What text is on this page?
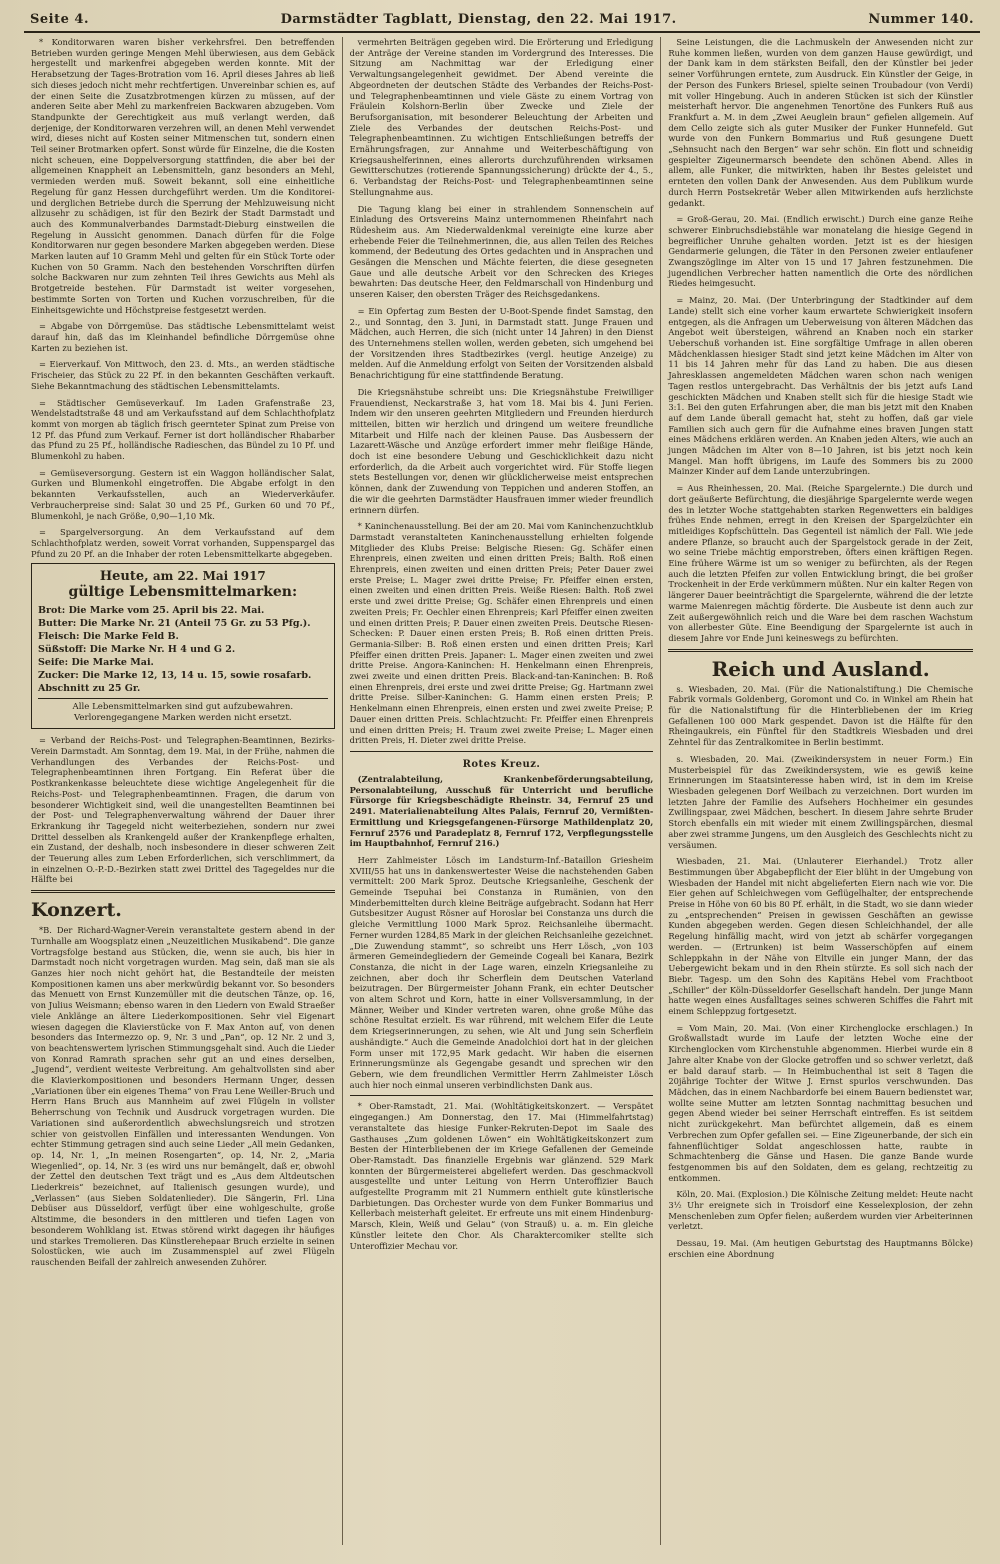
Seite 4.	Darmstädter Tagblatt, Dienstag, den 22. Mai 1917.	Nummer 140.

* Konditorwaren waren bisher verkehrsfrei. Den betreffenden Betrieben wurden geringe Mengen Mehl überwiesen, aus dem Gebäck hergestellt und markenfrei abgegeben werden konnte. Mit der Herabsetzung der Tages-Brotration vom 16. April dieses Jahres ab ließ sich dieses jedoch nicht mehr rechtfertigen. Unvereinbar schien es, auf der einen Seite die Zusatzbrotmengen kürzen zu müssen, auf der anderen Seite aber Mehl zu markenfreien Backwaren abzugeben. Vom Standpunkte der Gerechtigkeit aus muß verlangt werden, daß derjenige, der Konditorwaren verzehren will, an denen Mehl verwendet wird, dieses nicht auf Kosten seiner Mitmenschen tut, sondern einen Teil seiner Brotmarken opfert. Sonst würde für Einzelne, die die Kosten nicht scheuen, eine Doppelversorgung stattfinden, die aber bei der allgemeinen Knappheit an Lebensmitteln, ganz besonders an Mehl, vermieden werden muß. Soweit bekannt, soll eine einheitliche Regelung für ganz Hessen durchgeführt werden. Um die Konditorei- und derglichen Betriebe durch die Sperrung der Mehlzuweisung nicht allzusehr zu schädigen, ist für den Bezirk der Stadt Darmstadt und auch des Kommunalverbandes Darmstadt-Dieburg einstweilen die Regelung in Aussicht genommen. Danach dürfen für die Folge Konditorwaren nur gegen besondere Marken abgegeben werden. Diese Marken lauten auf 10 Gramm Mehl und gelten für ein Stück Torte oder Kuchen von 50 Gramm. Nach den bestehenden Vorschriften dürfen solche Backwaren nur zum zehnten Teil ihres Gewichts aus Mehl als Brotgetreide bestehen. Für Darmstadt ist weiter vorgesehen, bestimmte Sorten von Torten und Kuchen vorzuschreiben, für die Einheitsgewichte und Höchstpreise festgesetzt werden.

= Abgabe von Dörrgemüse. Das städtische Lebensmittelamt weist darauf hin, daß das im Kleinhandel befindliche Dörrgemüse ohne Karten zu beziehen ist.

= Eierverkauf. Von Mittwoch, den 23. d. Mts., an werden städtische Frischeier, das Stück zu 22 Pf. in den bekannten Geschäften verkauft. Siehe Bekanntmachung des städtischen Lebensmittelamts.

= Städtischer Gemüseverkauf. Im Laden Grafenstraße 23, Wendelstadtstraße 48 und am Verkaufsstand auf dem Schlachthofplatz kommt von morgen ab täglich frisch geernteter Spinat zum Preise von 12 Pf. das Pfund zum Verkauf. Ferner ist dort holländischer Rhabarber das Pfund zu 25 Pf., holländische Radieschen, das Bündel zu 10 Pf. und Blumenkohl zu haben.

= Gemüseversorgung. Gestern ist ein Waggon holländischer Salat, Gurken und Blumenkohl eingetroffen. Die Abgabe erfolgt in den bekannten Verkaufsstellen, auch an Wiederverkäufer. Verbraucherpreise sind: Salat 30 und 25 Pf., Gurken 60 und 70 Pf., Blumenkohl, je nach Größe, 0,90—1,10 Mk.

= Spargelversorgung. An dem Verkaufsstand auf dem Schlachthofplatz werden, soweit Vorrat vorhanden, Suppenspargel das Pfund zu 20 Pf. an die Inhaber der roten Lebensmittelkarte abgegeben.

Heute, am 22. Mai 1917
gültige Lebensmittelmarken:
Brot: Die Marke vom 25. April bis 22. Mai.
Butter: Die Marke Nr. 21 (Anteil 75 Gr. zu 53 Pfg.).
Fleisch: Die Marke Feld B.
Süßstoff: Die Marke Nr. H 4 und G 2.
Seife: Die Marke Mai.
Zucker: Die Marke 12, 13, 14 u. 15, sowie rosafarb. Abschnitt zu 25 Gr.
Alle Lebensmittelmarken sind gut aufzubewahren. Verlorengegangene Marken werden nicht ersetzt.

= Verband der Reichs-Post- und Telegraphen-Beamtinnen, Bezirks-Verein Darmstadt. Am Sonntag, dem 19. Mai, in der Frühe, nahmen die Verhandlungen des Verbandes der Reichs-Post- und Telegraphenbeamtinnen ihren Fortgang. Ein Referat über die Postkrankenkasse beleuchtete diese wichtige Angelegenheit für die Reichs-Post- und Telegraphenbeamtinnen. Fragen, die darum von besonderer Wichtigkeit sind, weil die unangestellten Beamtinnen bei der Post- und Telegraphenverwaltung während der Dauer ihrer Erkrankung ihr Tagegeld nicht weiterbeziehen, sondern nur zwei Drittel desselben als Krankengeld außer der Krankenpflege erhalten, ein Zustand, der deshalb, noch insbesondere in dieser schweren Zeit der Teuerung alles zum Leben Erforderlichen, sich verschlimmert, da in einzelnen O.-P.-D.-Bezirken statt zwei Drittel des Tagegeldes nur die Hälfte bei

Konzert.

*B. Der Richard-Wagner-Verein veranstaltete gestern abend in der Turnhalle am Woogsplatz einen „Neuzeitlichen Musikabend“. Die ganze Vortragsfolge bestand aus Stücken, die, wenn sie auch, bis hier in Darmstadt noch nicht vorgetragen wurden. Mag sein, daß man sie als Ganzes hier noch nicht gehört hat, die Bestandteile der meisten Kompositionen kamen uns aber merkwürdig bekannt vor. So besonders das Menuett von Ernst Kunzemüller mit die deutschen Tänze, op. 16, von Julius Weismann; ebenso waren in den Liedern von Ewald Straeßer viele Anklänge an ältere Liederkompositionen. Sehr viel Eigenart wiesen dagegen die Klavierstücke von F. Max Anton auf, von denen besonders das Intermezzo op. 9, Nr. 3 und „Pan“, op. 12 Nr. 2 und 3, von beachtenswertem lyrischen Stimmungsgehalt sind. Auch die Lieder von Konrad Ramrath sprachen sehr gut an und eines derselben, „Jugend“, verdient weiteste Verbreitung. Am gehaltvollsten sind aber die Klavierkompositionen und besonders Hermann Unger, dessen „Variationen über ein eigenes Thema“ von Frau Lene Weiller-Bruch und Herrn Hans Bruch aus Mannheim auf zwei Flügeln in vollster Beherrschung von Technik und Ausdruck vorgetragen wurden. Die Variationen sind außerordentlich abwechslungsreich und strotzen schier von geistvollen Einfällen und interessanten Wendungen. Von echter Stimmung getragen sind auch seine Lieder „All mein Gedanken, op. 14, Nr. 1, „In meinen Rosengarten“, op. 14, Nr. 2, „Maria Wiegenlied“, op. 14, Nr. 3 (es wird uns nur bemängelt, daß er, obwohl der Zettel den deutschen Text trägt und es „Aus dem Altdeutschen Liederkreis“ bezeichnet, auf Italienisch gesungen wurde), und „Verlassen“ (aus Sieben Soldatenlieder). Die Sängerin, Frl. Lina Debüser aus Düsseldorf, verfügt über eine wohlgeschulte, große Altstimme, die besonders in den mittleren und tiefen Lagen von besonderem Wohlklang ist. Etwas störend wirkt dagegen ihr häufiges und starkes Tremolieren. Das Künstlerehepaar Bruch erzielte in seinen Solostücken, wie auch im Zusammenspiel auf zwei Flügeln rauschenden Beifall der zahlreich anwesenden Zuhörer.

vermehrten Beiträgen gegeben wird. Die Erörterung und Erledigung der Anträge der Vereine standen im Vordergrund des Interesses. Die Sitzung am Nachmittag war der Erledigung einer Verwaltungsangelegenheit gewidmet. Der Abend vereinte die Abgeordneten der deutschen Städte des Verbandes der Reichs-Post- und Telegraphenbeamtinnen und viele Gäste zu einem Vortrag von Fräulein Kolshorn-Berlin über Zwecke und Ziele der Berufsorganisation, mit besonderer Beleuchtung der Arbeiten und Ziele des Verbandes der deutschen Reichs-Post- und Telegraphenbeamtinnen. Zu wichtigen Entschließungen betreffs der Ernährungsfragen, zur Annahme und Weiterbeschäftigung von Kriegsaushelferinnen, eines allerorts durchzuführenden wirksamen Gewitterschutzes (rotierende Spannungssicherung) drückte der 4., 5., 6. Verbandstag der Reichs-Post- und Telegraphenbeamtinnen seine Stellungnahme aus.

Die Tagung klang bei einer in strahlendem Sonnenschein auf Einladung des Ortsvereins Mainz unternommenen Rheinfahrt nach Rüdesheim aus. Am Niederwaldenkmal vereinigte eine kurze aber erhebende Feier die Teilnehmerinnen, die, aus allen Teilen des Reiches kommend, der Bedeutung des Ortes gedachten und in Ansprachen und Gesängen die Menschen und Mächte feierten, die diese gesegneten Gaue und alle deutsche Arbeit vor den Schrecken des Krieges bewahrten: Das deutsche Heer, den Feldmarschall von Hindenburg und unseren Kaiser, den obersten Träger des Reichsgedankens.

= Ein Opfertag zum Besten der U-Boot-Spende findet Samstag, den 2., und Sonntag, den 3. Juni, in Darmstadt statt. Junge Frauen und Mädchen, auch Herren, die sich (nicht unter 14 Jahren) in den Dienst des Unternehmens stellen wollen, werden gebeten, sich umgehend bei der Vorsitzenden ihres Stadtbezirkes (vergl. heutige Anzeige) zu melden. Auf die Anmeldung erfolgt von Seiten der Vorsitzenden alsbald Benachrichtigung für eine stattfindende Beratung.

Die Kriegsnähstube schreibt uns: Die Kriegsnähstube Freiwilliger Frauendienst, Neckarstraße 3, hat vom 18. Mai bis 4. Juni Ferien. Indem wir den unseren geehrten Mitgliedern und Freunden hierdurch mitteilen, bitten wir herzlich und dringend um weitere freundliche Mitarbeit und Hilfe nach der kleinen Pause. Das Ausbessern der Lazarett-Wäsche und Anzüge erfordert immer mehr fleißige Hände, doch ist eine besondere Uebung und Geschicklichkeit dazu nicht erforderlich, da die Arbeit auch vorgerichtet wird. Für Stoffe liegen stets Bestellungen vor, denen wir glücklicherweise meist entsprechen können, dank der Zuwendung von Teppichen und anderen Stoffen, an die wir die geehrten Darmstädter Hausfrauen immer wieder freundlich erinnern dürfen.

* Kaninchenausstellung. Bei der am 20. Mai vom Kaninchenzuchtklub Darmstadt veranstalteten Kaninchenausstellung erhielten folgende Mitglieder des Klubs Preise: Belgische Riesen: Gg. Schäfer einen Ehrenpreis, einen zweiten und einen dritten Preis; Balth. Roß einen Ehrenpreis, einen zweiten und einen dritten Preis; Peter Dauer zwei erste Preise; L. Mager zwei dritte Preise; Fr. Pfeiffer einen ersten, einen zweiten und einen dritten Preis. Weiße Riesen: Balth. Roß zwei erste und zwei dritte Preise; Gg. Schäfer einen Ehrenpreis und einen zweiten Preis; Fr. Oechler einen Ehrenpreis; Karl Pfeiffer einen zweiten und einen dritten Preis; P. Dauer einen zweiten Preis. Deutsche Riesen-Schecken: P. Dauer einen ersten Preis; B. Roß einen dritten Preis. Germania-Silber: B. Roß einen ersten und einen dritten Preis; Karl Pfeiffer einen dritten Preis. Japaner: L. Mager einen zweiten und zwei dritte Preise. Angora-Kaninchen: H. Henkelmann einen Ehrenpreis, zwei zweite und einen dritten Preis. Black-and-tan-Kaninchen: B. Roß einen Ehrenpreis, drei erste und zwei dritte Preise; Gg. Hartmann zwei dritte Preise. Silber-Kaninchen: G. Hamm einen ersten Preis; P. Henkelmann einen Ehrenpreis, einen ersten und zwei zweite Preise; P. Dauer einen dritten Preis. Schlachtzucht: Fr. Pfeiffer einen Ehrenpreis und einen dritten Preis; H. Traum zwei zweite Preise; L. Mager einen dritten Preis, H. Dieter zwei dritte Preise.

Rotes Kreuz.

(Zentralabteilung, Krankenbeförderungsabteilung, Personalabteilung, Ausschuß für Unterricht und berufliche Fürsorge für Kriegsbeschädigte Rheinstr. 34, Fernruf 25 und 2491. Materialienabteilung Altes Palais, Fernruf 20, Vermißten-Ermittlung und Kriegsgefangenen-Fürsorge Mathildenplatz 20, Fernruf 2576 und Paradeplatz 8, Fernruf 172, Verpflegungsstelle im Hauptbahnhof, Fernruf 216.)

Herr Zahlmeister Lösch im Landsturm-Inf.-Bataillon Griesheim XVIII/55 hat uns in dankenswertester Weise die nachstehenden Gaben vermittelt: 200 Mark 5proz. Deutsche Kriegsanleihe, Geschenk der Gemeinde Tsepuhai bei Constanza in Rumänien, von den Minderbemittelten durch kleine Beiträge aufgebracht. Sodann hat Herr Gutsbesitzer August Rösner auf Horoslar bei Constanza uns durch die gleiche Vermittlung 1000 Mark 5proz. Reichsanleihe übermacht. Ferner wurden 1284,85 Mark in der gleichen Reichsanleihe gezeichnet. „Die Zuwendung stammt“, so schreibt uns Herr Lösch, „von 103 ärmeren Gemeindegliedern der Gemeinde Cogeali bei Kanara, Bezirk Constanza, die nicht in der Lage waren, einzeln Kriegsanleihe zu zeichnen, aber doch ihr Scherflein dem Deutschen Vaterland beizutragen. Der Bürgermeister Johann Frank, ein echter Deutscher von altem Schrot und Korn, hatte in einer Vollsversammlung, in der Männer, Weiber und Kinder vertreten waren, ohne große Mühe das schöne Resultat erzielt. Es war rührend, mit welchem Eifer die Leute dem Kriegserinnerungen, zu sehen, wie Alt und Jung sein Scherflein aushändigte.“ Auch die Gemeinde Anadolchioi dort hat in der gleichen Form unser mit 172,95 Mark gedacht. Wir haben die eisernen Erinnerungsmünze als Gegengabe gesandt und sprechen wir den Gebern, wie dem freundlichen Vermittler Herrn Zahlmeister Lösch auch hier noch einmal unseren verbindlichsten Dank aus.

* Ober-Ramstadt, 21. Mai. (Wohltätigkeitskonzert. — Verspätet eingegangen.) Am Donnerstag, den 17. Mai (Himmelfahrtstag) veranstaltete das hiesige Funker-Rekruten-Depot im Saale des Gasthauses „Zum goldenen Löwen“ ein Wohltätigkeitskonzert zum Besten der Hinterbliebenen der im Kriege Gefallenen der Gemeinde Ober-Ramstadt. Das finanzielle Ergebnis war glänzend. 529 Mark konnten der Bürgermeisterei abgeliefert werden. Das geschmackvoll ausgestellte und unter Leitung von Herrn Unteroffizier Bauch aufgestellte Programm mit 21 Nummern enthielt gute künstlerische Darbietungen. Das Orchester wurde von dem Funker Bommarius und Kellerbach meisterhaft geleitet. Er erfreute uns mit einem Hindenburg-Marsch, Klein, Weiß und Gelau“ (von Strauß) u. a. m. Ein gleiche Künstler leitete den Chor. Als Charaktercomiker stellte sich Unteroffizier Mechau vor.

Seine Leistungen, die die Lachmuskeln der Anwesenden nicht zur Ruhe kommen ließen, wurden von dem ganzen Hause gewürdigt, und der Dank kam in dem stärksten Beifall, den der Künstler bei jeder seiner Vorführungen erntete, zum Ausdruck. Ein Künstler der Geige, in der Person des Funkers Briesel, spielte seinen Troubadour (von Verdi) mit voller Hingebung. Auch in anderen Stücken ist sich der Künstler meisterhaft hervor. Die angenehmen Tenortöne des Funkers Ruß aus Frankfurt a. M. in dem „Zwei Aeuglein braun“ gefielen allgemein. Auf dem Cello zeigte sich als guter Musiker der Funker Hunnefeld. Gut wurde von den Funkern Bommarius und Ruß gesungene Duett „Sehnsucht nach den Bergen“ war sehr schön. Ein flott und schneidig gespielter Zigeunermarsch beendete den schönen Abend. Alles in allem, alle Funker, die mitwirkten, haben ihr Bestes geleistet und ernteten den vollen Dank der Anwesenden. Aus dem Publikum wurde durch Herrn Postsekretär Weber allen Mitwirkenden aufs herzlichste gedankt.

= Groß-Gerau, 20. Mai. (Endlich erwischt.) Durch eine ganze Reihe schwerer Einbruchsdiebstähle war monatelang die hiesige Gegend in begreiflicher Unruhe gehalten worden. Jetzt ist es der hiesigen Gendarmerie gelungen, die Täter in den Personen zweier entlaufener Zwangszöglinge im Alter von 15 und 17 Jahren festzunehmen. Die jugendlichen Verbrecher hatten namentlich die Orte des nördlichen Riedes heimgesucht.

= Mainz, 20. Mai. (Der Unterbringung der Stadtkinder auf dem Lande) stellt sich eine vorher kaum erwartete Schwierigkeit insofern entgegen, als die Anfragen um Ueberweisung von älteren Mädchen das Angebot weit übersteigen, während an Knaben noch ein starker Ueberschuß vorhanden ist. Eine sorgfältige Umfrage in allen oberen Mädchenklassen hiesiger Stadt sind jetzt keine Mädchen im Alter von 11 bis 14 Jahren mehr für das Land zu haben. Die aus diesen Jahresklassen angemeldeten Mädchen waren schon nach wenigen Tagen restlos untergebracht. Das Verhältnis der bis jetzt aufs Land geschickten Mädchen und Knaben stellt sich für die hiesige Stadt wie 3:1. Bei den guten Erfahrungen aber, die man bis jetzt mit den Knaben auf dem Lande überall gemacht hat, steht zu hoffen, daß gar viele Familien sich auch gern für die Aufnahme eines braven Jungen statt eines Mädchens erklären werden. An Knaben jeden Alters, wie auch an jungen Mädchen im Alter von 8—10 Jahren, ist bis jetzt noch kein Mangel. Man hofft übrigens, im Laufe des Sommers bis zu 2000 Mainzer Kinder auf dem Lande unterzubringen.

= Aus Rheinhessen, 20. Mai. (Reiche Spargelernte.) Die durch und dort geäußerte Befürchtung, die diesjährige Spargelernte werde wegen des in letzter Woche stattgehabten starken Regenwetters ein baldiges frühes Ende nehmen, erregt in den Kreisen der Spargelzüchter ein mitleidiges Kopfschütteln. Das Gegenteil ist nämlich der Fall. Wie jede andere Pflanze, so braucht auch der Spargelstock gerade in der Zeit, wo seine Triebe mächtig emporstreben, öfters einen kräftigen Regen. Eine frühere Wärme ist um so weniger zu befürchten, als der Regen auch die letzten Pfeifen zur vollen Entwicklung bringt, die bei großer Trockenheit in der Erde verkümmern müßten. Nur ein kalter Regen von längerer Dauer beeinträchtigt die Spargelernte, während die der letzte warme Maienregen mächtig förderte. Die Ausbeute ist denn auch zur Zeit außergewöhnlich reich und die Ware bei dem raschen Wachstum von allerbester Güte. Eine Beendigung der Spargelernte ist auch in diesem Jahre vor Ende Juni keineswegs zu befürchten.

Reich und Ausland.

s. Wiesbaden, 20. Mai. (Für die Nationalstiftung.) Die Chemische Fabrik vormals Goldenberg, Goromont und Co. in Winkel am Rhein hat für die Nationalstiftung für die Hinterbliebenen der im Krieg Gefallenen 100 000 Mark gespendet. Davon ist die Hälfte für den Rheingaukreis, ein Fünftel für den Stadtkreis Wiesbaden und drei Zehntel für das Zentralkomitee in Berlin bestimmt.

s. Wiesbaden, 20. Mai. (Zweikindersystem in neuer Form.) Ein Musterbeispiel für das Zweikindersystem, wie es gewiß keine Erinnerungen im Staatsinteresse haben wird, ist in dem im Kreise Wiesbaden gelegenen Dorf Weilbach zu verzeichnen. Dort wurden im letzten Jahre der Familie des Aufsehers Hochheimer ein gesundes Zwillingspaar, zwei Mädchen, beschert. In diesem Jahre sehrte Bruder Storch ebenfalls ein mit wieder mit einem Zwillingspärchen, diesmal aber zwei stramme Jungens, um den Ausgleich des Geschlechts nicht zu versäumen.

Wiesbaden, 21. Mai. (Unlauterer Eierhandel.) Trotz aller Bestimmungen über Abgabepflicht der Eier blüht in der Umgebung von Wiesbaden der Handel mit nicht abgelieferten Eiern nach wie vor. Die Eier gehen auf Schleichwegen vom Geflügelhalter, der entsprechende Preise in Höhe von 60 bis 80 Pf. erhält, in die Stadt, wo sie dann wieder zu „entsprechenden“ Preisen in gewissen Geschäften an gewisse Kunden abgegeben werden. Gegen diesen Schleichhandel, der alle Regelung hinfällig macht, wird von jetzt ab schärfer vorgegangen werden. — (Ertrunken) ist beim Wasserschöpfen auf einem Schleppkahn in der Nähe von Eltville ein junger Mann, der das Uebergewicht bekam und in den Rhein stürzte. Es soll sich nach der Biebr. Tagesp. um den Sohn des Kapitäns Hebel vom Frachtboot „Schiller“ der Köln-Düsseldorfer Gesellschaft handeln. Der junge Mann hatte wegen eines Ausfalltages seines schweren Schiffes die Fahrt mit einem Schleppzug fortgesetzt.

= Vom Main, 20. Mai. (Von einer Kirchenglocke erschlagen.) In Großwallstadt wurde im Laufe der letzten Woche eine der Kirchenglocken vom Kirchenstuhle abgenommen. Hierbei wurde ein 8 Jahre alter Knabe von der Glocke getroffen und so schwer verletzt, daß er bald darauf starb. — In Heimbuchenthal ist seit 8 Tagen die 20jährige Tochter der Witwe J. Ernst spurlos verschwunden. Das Mädchen, das in einem Nachbardorfe bei einem Bauern bedienstet war, wollte seine Mutter am letzten Sonntag nachmittag besuchen und gegen Abend wieder bei seiner Herrschaft eintreffen. Es ist seitdem nicht zurückgekehrt. Man befürchtet allgemein, daß es einem Verbrechen zum Opfer gefallen sei. — Eine Zigeunerbande, der sich ein fahnenflüchtiger Soldat angeschlossen hatte, raubte in Schmachtenberg die Gänse und Hasen. Die ganze Bande wurde festgenommen bis auf den Soldaten, dem es gelang, rechtzeitig zu entkommen.

Köln, 20. Mai. (Explosion.) Die Kölnische Zeitung meldet: Heute nacht 3½ Uhr ereignete sich in Troisdorf eine Kesselexplosion, der zehn Menschenleben zum Opfer fielen; außerdem wurden vier Arbeiterinnen verletzt.

Dessau, 19. Mai. (Am heutigen Geburtstag des Hauptmanns Bölcke) erschien eine Abordnung
